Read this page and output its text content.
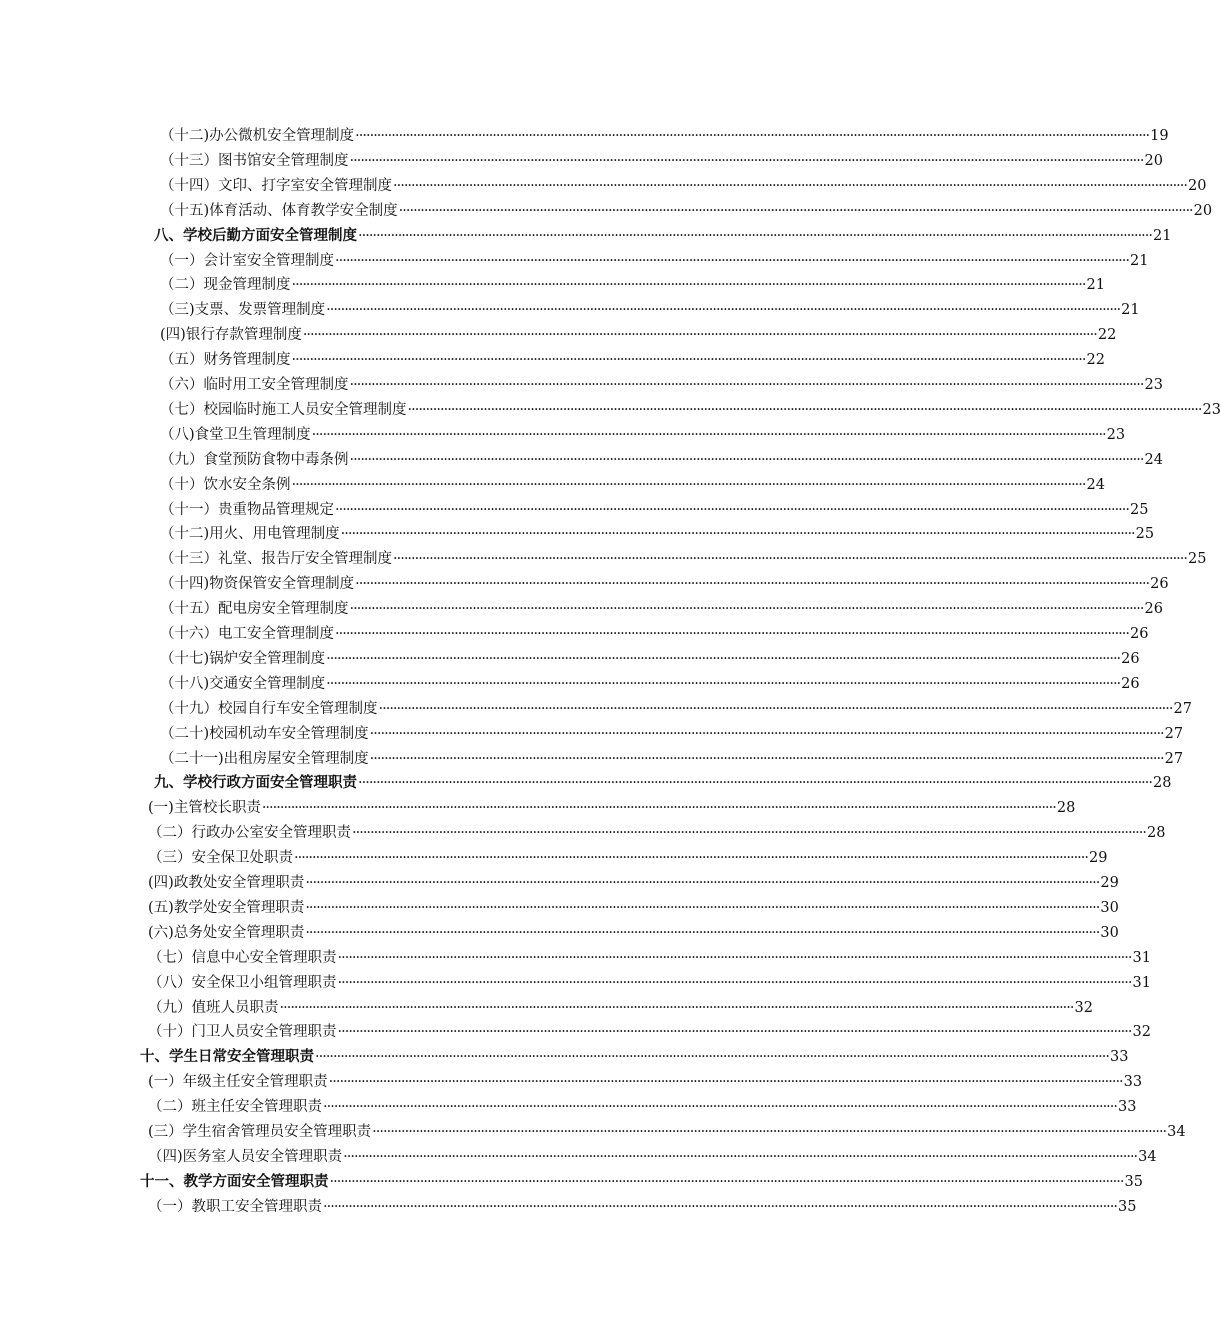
（十二)办公微机安全管理制度 ···························································································································································································································· 19
（十三）图书馆安全管理制度 ···························································································································································································································· 20
（十四）文印、打字室安全管理制度 ···························································································································································································································· 20
（十五)体育活动、体育教学安全制度 ···························································································································································································································· 20
八、学校后勤方面安全管理制度 ···························································································································································································································· 21
（一）会计室安全管理制度 ···························································································································································································································· 21
（二）现金管理制度 ···························································································································································································································· 21
（三)支票、发票管理制度 ···························································································································································································································· 21
(四)银行存款管理制度 ···························································································································································································································· 22
（五）财务管理制度 ···························································································································································································································· 22
（六）临时用工安全管理制度 ···························································································································································································································· 23
（七）校园临时施工人员安全管理制度 ···························································································································································································································· 23
（八)食堂卫生管理制度 ···························································································································································································································· 23
（九）食堂预防食物中毒条例 ···························································································································································································································· 24
（十）饮水安全条例 ···························································································································································································································· 24
（十一）贵重物品管理规定 ···························································································································································································································· 25
（十二)用火、用电管理制度 ···························································································································································································································· 25
（十三）礼堂、报告厅安全管理制度 ···························································································································································································································· 25
（十四)物资保管安全管理制度 ···························································································································································································································· 26
（十五）配电房安全管理制度 ···························································································································································································································· 26
（十六）电工安全管理制度 ···························································································································································································································· 26
（十七)锅炉安全管理制度 ···························································································································································································································· 26
（十八)交通安全管理制度 ···························································································································································································································· 26
（十九）校园自行车安全管理制度 ···························································································································································································································· 27
（二十)校园机动车安全管理制度 ···························································································································································································································· 27
（二十一)出租房屋安全管理制度 ···························································································································································································································· 27
九、学校行政方面安全管理职责 ···························································································································································································································· 28
(一)主管校长职责 ···························································································································································································································· 28
（二）行政办公室安全管理职责 ···························································································································································································································· 28
（三）安全保卫处职责 ···························································································································································································································· 29
(四)政教处安全管理职责 ···························································································································································································································· 29
(五)教学处安全管理职责 ···························································································································································································································· 30
(六)总务处安全管理职责 ···························································································································································································································· 30
（七）信息中心安全管理职责 ···························································································································································································································· 31
（八）安全保卫小组管理职责 ···························································································································································································································· 31
（九）值班人员职责 ···························································································································································································································· 32
（十）门卫人员安全管理职责 ···························································································································································································································· 32
十、学生日常安全管理职责 ···························································································································································································································· 33
(一）年级主任安全管理职责 ···························································································································································································································· 33
（二）班主任安全管理职责 ···························································································································································································································· 33
(三）学生宿舍管理员安全管理职责 ···························································································································································································································· 34
（四)医务室人员安全管理职责 ···························································································································································································································· 34
十一、教学方面安全管理职责 ···························································································································································································································· 35
（一）教职工安全管理职责 ···························································································································································································································· 35
